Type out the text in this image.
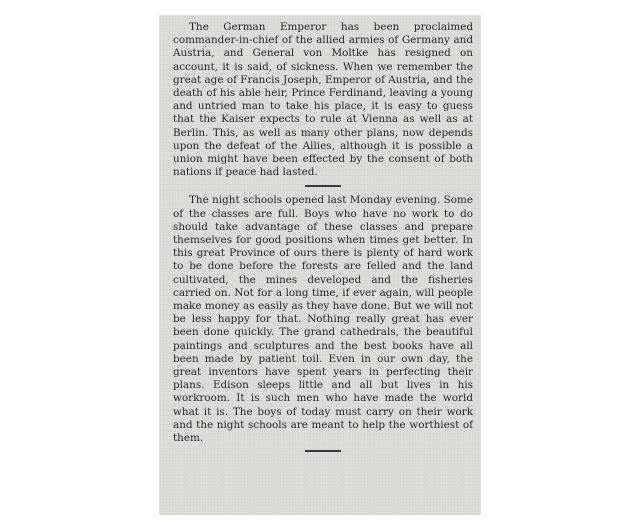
The German Emperor has been proclaimed commander-in-chief of the allied armies of Germany and Austria, and General von Moltke has resigned on account, it is said, of sickness. When we remember the great age of Francis Joseph, Emperor of Austria, and the death of his able heir, Prince Ferdinand, leaving a young and untried man to take his place, it is easy to guess that the Kaiser expects to rule at Vienna as well as at Berlin. This, as well as many other plans, now depends upon the defeat of the Allies, although it is possible a union might have been effected by the consent of both nations if peace had lasted.

The night schools opened last Monday evening. Some of the classes are full. Boys who have no work to do should take advantage of these classes and prepare themselves for good positions when times get better. In this great Province of ours there is plenty of hard work to be done before the forests are felled and the land cultivated, the mines developed and the fisheries carried on. Not for a long time, if ever again, will people make money as easily as they have done. But we will not be less happy for that. Nothing really great has ever been done quickly. The grand cathedrals, the beautiful paintings and sculptures and the best books have all been made by patient toil. Even in our own day, the great inventors have spent years in perfecting their plans. Edison sleeps little and all but lives in his workroom. It is such men who have made the world what it is. The boys of today must carry on their work and the night schools are meant to help the worthiest of them.
